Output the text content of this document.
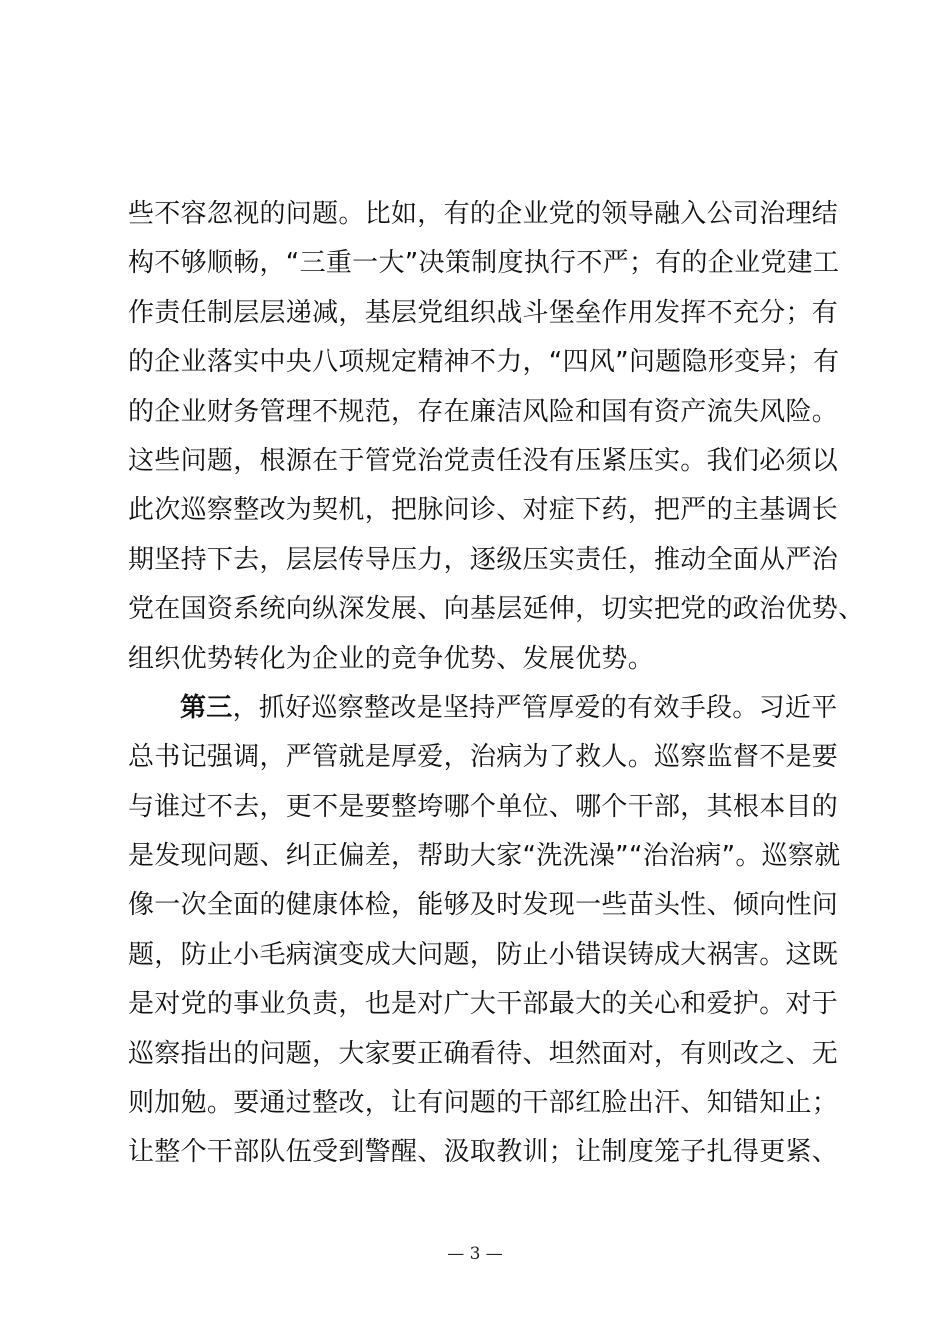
些不容忽视的问题。比如，有的企业党的领导融入公司治理结
构不够顺畅，“三重一大”决策制度执行不严；有的企业党建工
作责任制层层递减，基层党组织战斗堡垒作用发挥不充分；有
的企业落实中央八项规定精神不力，“四风”问题隐形变异；有
的企业财务管理不规范，存在廉洁风险和国有资产流失风险。
这些问题，根源在于管党治党责任没有压紧压实。我们必须以
此次巡察整改为契机，把脉问诊、对症下药，把严的主基调长
期坚持下去，层层传导压力，逐级压实责任，推动全面从严治
党在国资系统向纵深发展、向基层延伸，切实把党的政治优势、
组织优势转化为企业的竞争优势、发展优势。
第三，抓好巡察整改是坚持严管厚爱的有效手段。习近平
总书记强调，严管就是厚爱，治病为了救人。巡察监督不是要
与谁过不去，更不是要整垮哪个单位、哪个干部，其根本目的
是发现问题、纠正偏差，帮助大家“洗洗澡”“治治病”。巡察就
像一次全面的健康体检，能够及时发现一些苗头性、倾向性问
题，防止小毛病演变成大问题，防止小错误铸成大祸害。这既
是对党的事业负责，也是对广大干部最大的关心和爱护。对于
巡察指出的问题，大家要正确看待、坦然面对，有则改之、无
则加勉。要通过整改，让有问题的干部红脸出汗、知错知止；
让整个干部队伍受到警醒、汲取教训；让制度笼子扎得更紧、
— 3 —
